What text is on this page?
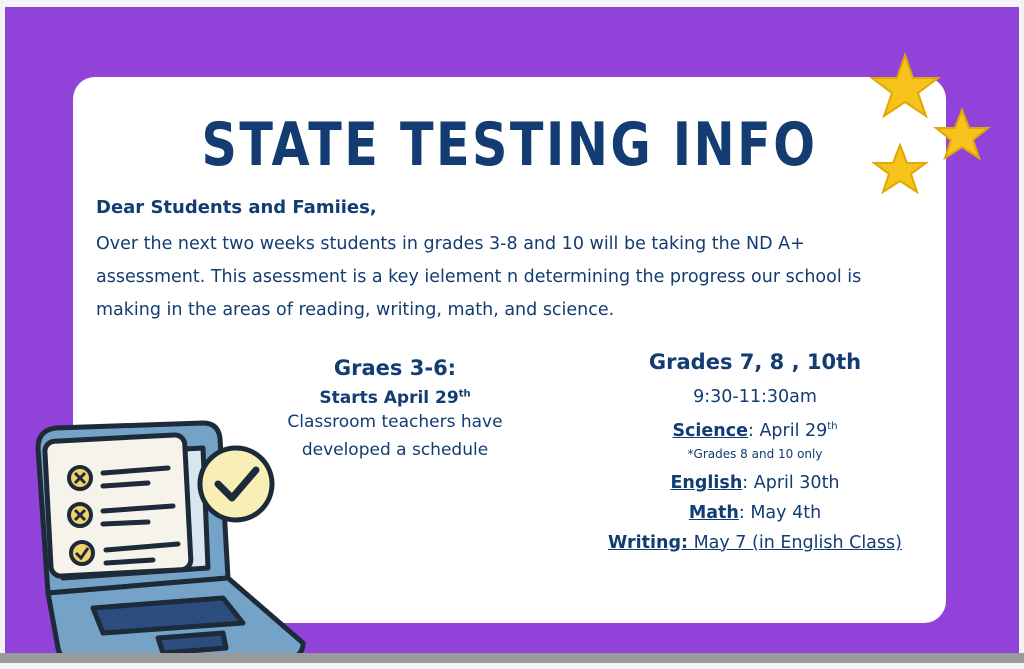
STATE TESTING INFO
Dear Students and Famiies,
Over the next two weeks students in grades 3-8 and 10 will be taking the ND A+ assessment. This asessment is a key ielement n determining the progress our school is making in the areas of reading, writing, math, and science.
Graes 3-6:
Starts April 29th
Classroom teachers have
developed a schedule
Grades 7, 8 , 10th
9:30-11:30am
Science: April 29th
*Grades 8 and 10 only
English: April 30th
Math: May 4th
Writing: May 7 (in English Class)
